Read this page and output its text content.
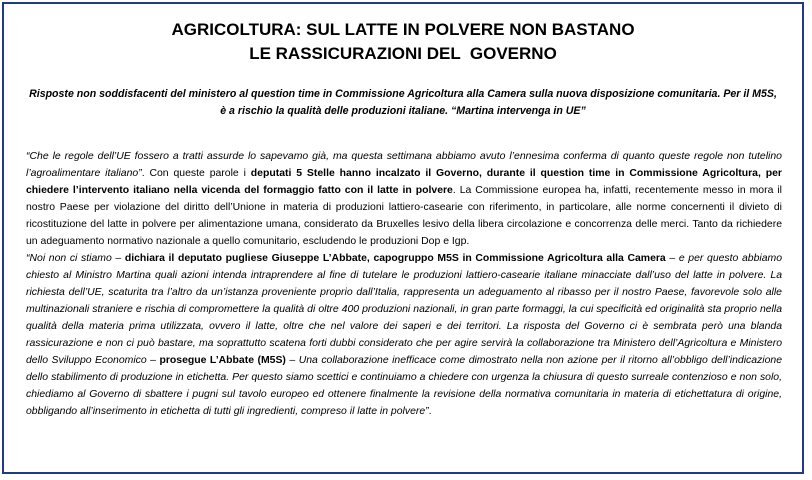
AGRICOLTURA: SUL LATTE IN POLVERE NON BASTANO
LE RASSICURAZIONI DEL  GOVERNO
Risposte non soddisfacenti del ministero al question time in Commissione Agricoltura alla Camera sulla nuova disposizione comunitaria. Per il M5S, è a rischio la qualità delle produzioni italiane. “Martina intervenga in UE”

“Che le regole dell’UE fossero a tratti assurde lo sapevamo già, ma questa settimana abbiamo avuto l’ennesima conferma di quanto queste regole non tutelino l’agroalimentare italiano”. Con queste parole i deputati 5 Stelle hanno incalzato il Governo, durante il question time in Commissione Agricoltura, per chiedere l’intervento italiano nella vicenda del formaggio fatto con il latte in polvere. La Commissione europea ha, infatti, recentemente messo in mora il nostro Paese per violazione del diritto dell’Unione in materia di produzioni lattiero-casearie con riferimento, in particolare, alle norme concernenti il divieto di ricostituzione del latte in polvere per alimentazione umana, considerato da Bruxelles lesivo della libera circolazione e concorrenza delle merci. Tanto da richiedere un adeguamento normativo nazionale a quello comunitario, escludendo le produzioni Dop e Igp.

“Noi non ci stiamo – dichiara il deputato pugliese Giuseppe L’Abbate, capogruppo M5S in Commissione Agricoltura alla Camera – e per questo abbiamo chiesto al Ministro Martina quali azioni intenda intraprendere al fine di tutelare le produzioni lattiero-casearie italiane minacciate dall’uso del latte in polvere. La richiesta dell’UE, scaturita tra l’altro da un’istanza proveniente proprio dall’Italia, rappresenta un adeguamento al ribasso per il nostro Paese, favorevole solo alle multinazionali straniere e rischia di compromettere la qualità di oltre 400 produzioni nazionali, in gran parte formaggi, la cui specificità ed originalità sta proprio nella qualità della materia prima utilizzata, ovvero il latte, oltre che nel valore dei saperi e dei territori. La risposta del Governo ci è sembrata però una blanda rassicurazione e non ci può bastare, ma soprattutto scatena forti dubbi considerato che per agire servirà la collaborazione tra Ministero dell’Agricoltura e Ministero dello Sviluppo Economico – prosegue L’Abbate (M5S) – Una collaborazione inefficace come dimostrato nella non azione per il ritorno all’obbligo dell’indicazione dello stabilimento di produzione in etichetta. Per questo siamo scettici e continuiamo a chiedere con urgenza la chiusura di questo surreale contenzioso e non solo, chiediamo al Governo di sbattere i pugni sul tavolo europeo ed ottenere finalmente la revisione della normativa comunitaria in materia di etichettatura di origine, obbligando all’inserimento in etichetta di tutti gli ingredienti, compreso il latte in polvere”.
